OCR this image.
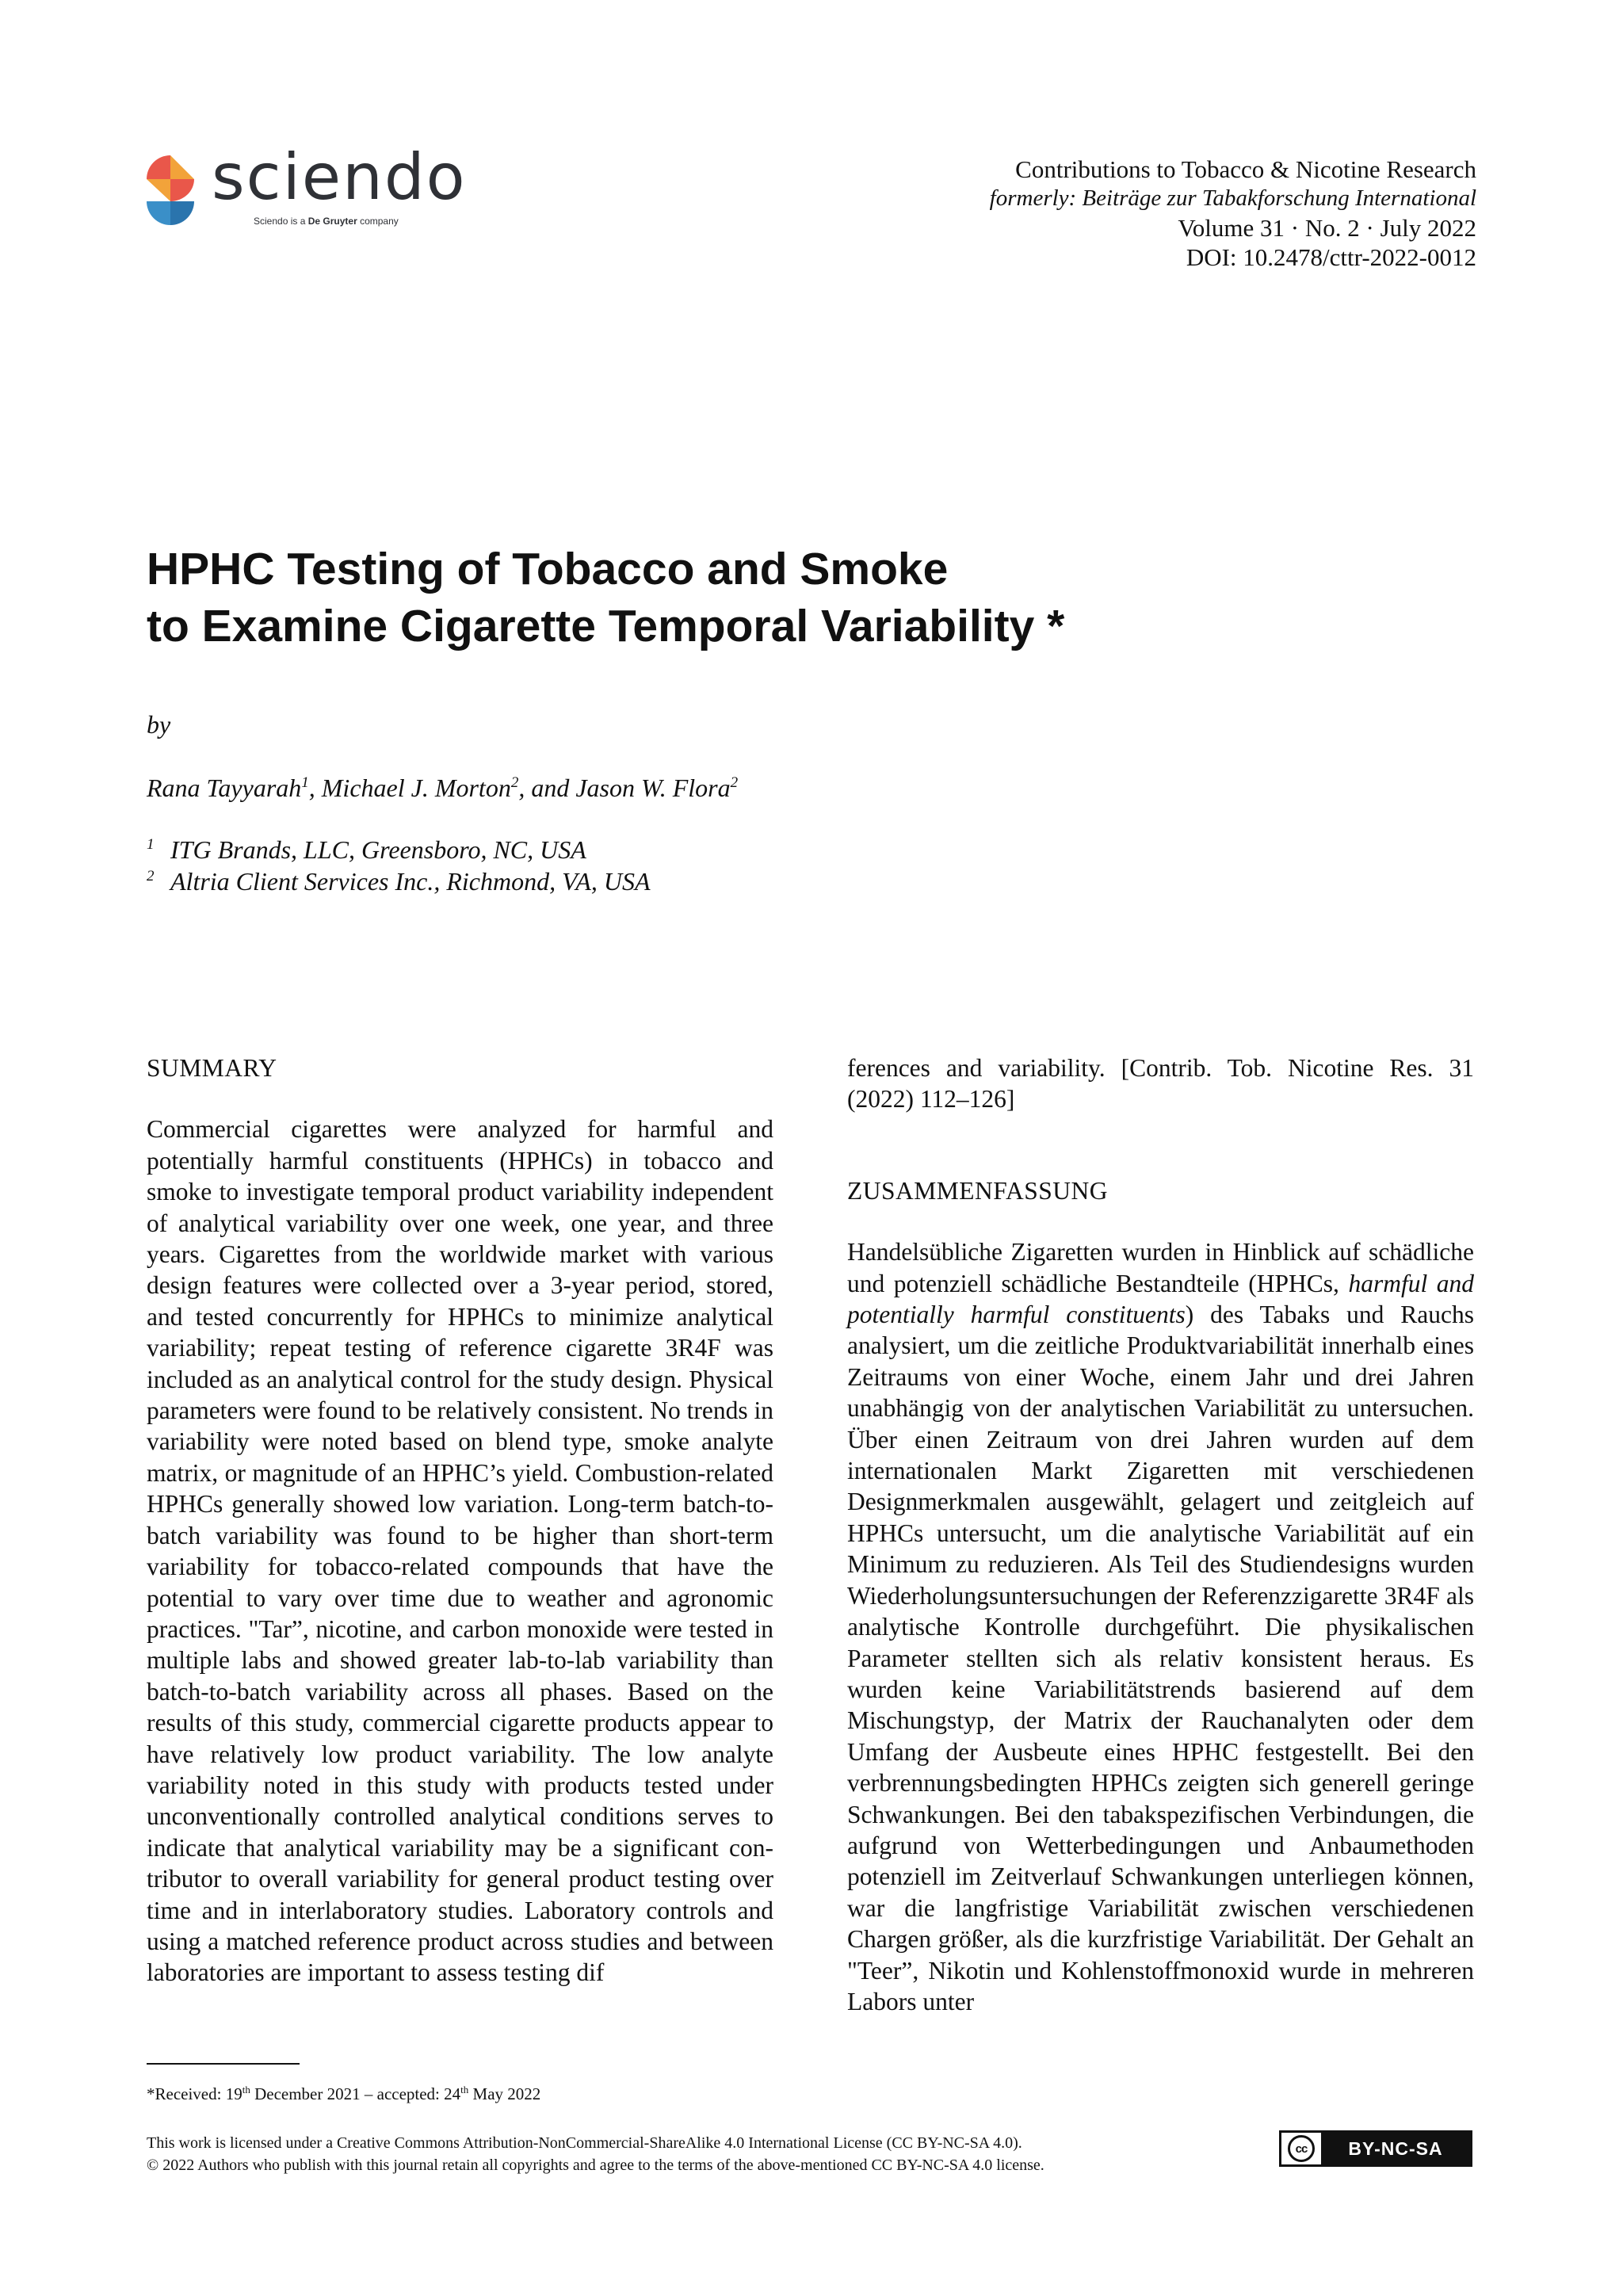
sciendo
Sciendo is a De Gruyter company
Contributions to Tobacco & Nicotine Research
formerly: Beiträge zur Tabakforschung International
Volume 31 · No. 2 · July 2022
DOI: 10.2478/cttr-2022-0012
HPHC Testing of Tobacco and Smoke
to Examine Cigarette Temporal Variability *
by
Rana Tayyarah$^1$, Michael J. Morton$^2$, and Jason W. Flora$^2$
1 ITG Brands, LLC, Greensboro, NC, USA
2 Altria Client Services Inc., Richmond, VA, USA
SUMMARY

Commercial cigarettes were analyzed for harmful and potentially harmful constituents (HPHCs) in tobacco and smoke to investigate temporal product variability independent of analytical variability over one week, one year, and three years. Cigarettes from the worldwide market with various design features were collected over a 3-year period, stored, and tested concurrently for HPHCs to minimize analytical variability; repeat testing of reference cigarette 3R4F was included as an analytical control for the study design. Physical parameters were found to be relatively consistent. No trends in variability were noted based on blend type, smoke analyte matrix, or magnitude of an HPHC’s yield. Combustion-related HPHCs generally showed low variation. Long-term batch-to-batch variability was found to be higher than short-term variability for tobacco-related compounds that have the potential to vary over time due to weather and agronomic practices. "Tar”, nicotine, and carbon monoxide were tested in multiple labs and showed greater lab-to-lab variability than batch-to-batch variability across all phases. Based on the results of this study, commercial cigarette products appear to have relatively low product variability. The low analyte variability noted in this study with products tested under unconventionally controlled analytical conditions serves to indicate that analytical variability may be a significant contributor to overall variability for general product testing over time and in interlaboratory studies. Laboratory controls and using a matched reference product across studies and between laboratories are important to assess testing dif

ferences and variability. [Contrib. Tob. Nicotine Res. 31 (2022) 112–126]

ZUSAMMENFASSUNG

Handelsübliche Zigaretten wurden in Hinblick auf schädliche und potenziell schädliche Bestandteile (HPHCs, harmful and potentially harmful constituents) des Tabaks und Rauchs analysiert, um die zeitliche Produktvariabilität innerhalb eines Zeitraums von einer Woche, einem Jahr und drei Jahren unabhängig von der analytischen Variabilität zu untersuchen. Über einen Zeitraum von drei Jahren wurden auf dem internationalen Markt Zigaretten mit verschiedenen Designmerkmalen ausgewählt, gelagert und zeitgleich auf HPHCs untersucht, um die analytische Variabilität auf ein Minimum zu reduzieren. Als Teil des Studiendesigns wurden Wiederholungsuntersuchungen der Referenzzigarette 3R4F als analytische Kontrolle durchgeführt. Die physikalischen Parameter stellten sich als relativ konsistent heraus. Es wurden keine Variabilitätstrends basierend auf dem Mischungstyp, der Matrix der Rauchanalyten oder dem Umfang der Ausbeute eines HPHC festgestellt. Bei den verbrennungsbedingten HPHCs zeigten sich generell geringe Schwankungen. Bei den tabakspezifischen Verbindungen, die aufgrund von Wetterbedingungen und Anbaumethoden potenziell im Zeitverlauf Schwankungen unterliegen können, war die langfristige Variabilität zwischen verschiedenen Chargen größer, als die kurzfristige Variabilität. Der Gehalt an "Teer”, Nikotin und Kohlenstoffmonoxid wurde in mehreren Labors unter

*Received: 19th December 2021 – accepted: 24th May 2022
This work is licensed under a Creative Commons Attribution-NonCommercial-ShareAlike 4.0 International License (CC BY-NC-SA 4.0).
© 2022 Authors who publish with this journal retain all copyrights and agree to the terms of the above-mentioned CC BY-NC-SA 4.0 license.
cc	BY-NC-SA
